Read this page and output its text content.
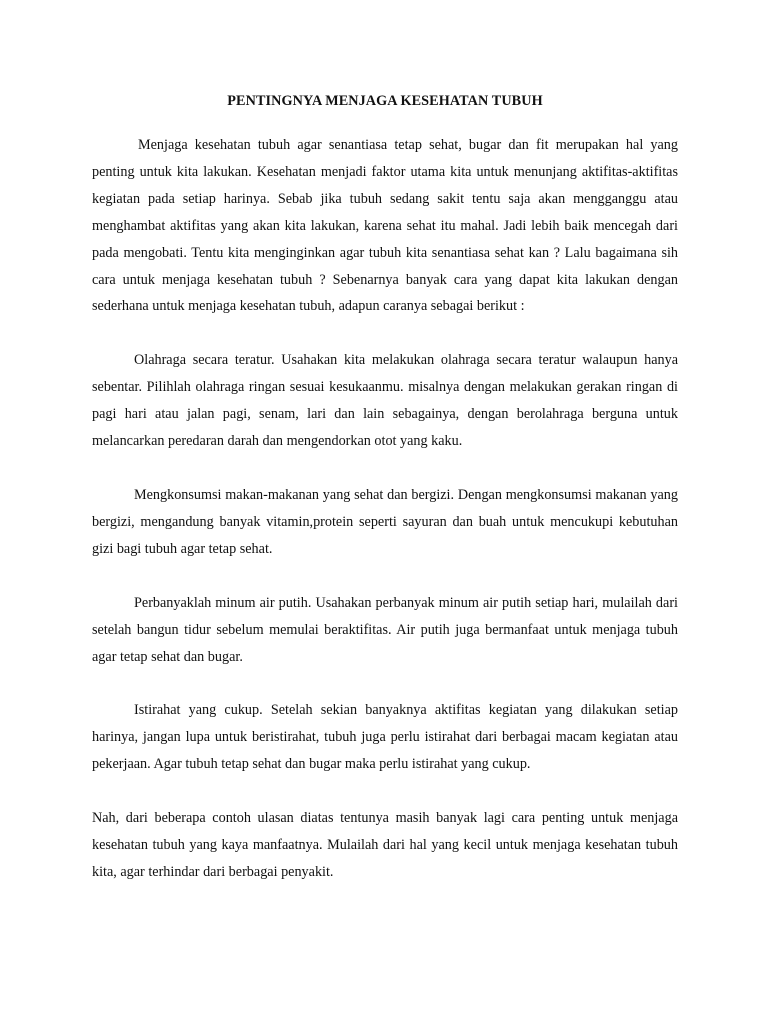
PENTINGNYA MENJAGA KESEHATAN TUBUH

Menjaga kesehatan tubuh agar senantiasa tetap sehat, bugar dan fit merupakan hal yang penting untuk kita lakukan. Kesehatan menjadi faktor utama kita untuk menunjang aktifitas-aktifitas kegiatan pada setiap harinya. Sebab jika tubuh sedang sakit tentu saja akan mengganggu atau menghambat aktifitas yang akan kita lakukan, karena sehat itu mahal. Jadi lebih baik mencegah dari pada mengobati. Tentu kita menginginkan agar tubuh kita senantiasa sehat kan ? Lalu bagaimana sih cara untuk menjaga kesehatan tubuh ? Sebenarnya banyak cara yang dapat kita lakukan dengan sederhana untuk menjaga kesehatan tubuh, adapun caranya sebagai berikut :

Olahraga secara teratur. Usahakan kita melakukan olahraga secara teratur walaupun hanya sebentar. Pilihlah olahraga ringan sesuai kesukaanmu. misalnya dengan melakukan gerakan ringan di pagi hari atau jalan pagi, senam, lari dan lain sebagainya, dengan berolahraga berguna untuk melancarkan peredaran darah dan mengendorkan otot yang kaku.

Mengkonsumsi makan-makanan yang sehat dan bergizi. Dengan mengkonsumsi makanan yang bergizi, mengandung banyak vitamin,protein seperti sayuran dan buah untuk mencukupi kebutuhan gizi bagi tubuh agar tetap sehat.

Perbanyaklah minum air putih. Usahakan perbanyak minum air putih setiap hari, mulailah dari setelah bangun tidur sebelum memulai beraktifitas. Air putih juga bermanfaat untuk menjaga tubuh agar tetap sehat dan bugar.

Istirahat yang cukup. Setelah sekian banyaknya aktifitas kegiatan yang dilakukan setiap harinya, jangan lupa untuk beristirahat, tubuh juga perlu istirahat dari berbagai macam kegiatan atau pekerjaan. Agar tubuh tetap sehat dan bugar maka perlu istirahat yang cukup.

Nah, dari beberapa contoh ulasan diatas tentunya masih banyak lagi cara penting untuk menjaga kesehatan tubuh yang kaya manfaatnya. Mulailah dari hal yang kecil untuk menjaga kesehatan tubuh kita, agar terhindar dari berbagai penyakit.
